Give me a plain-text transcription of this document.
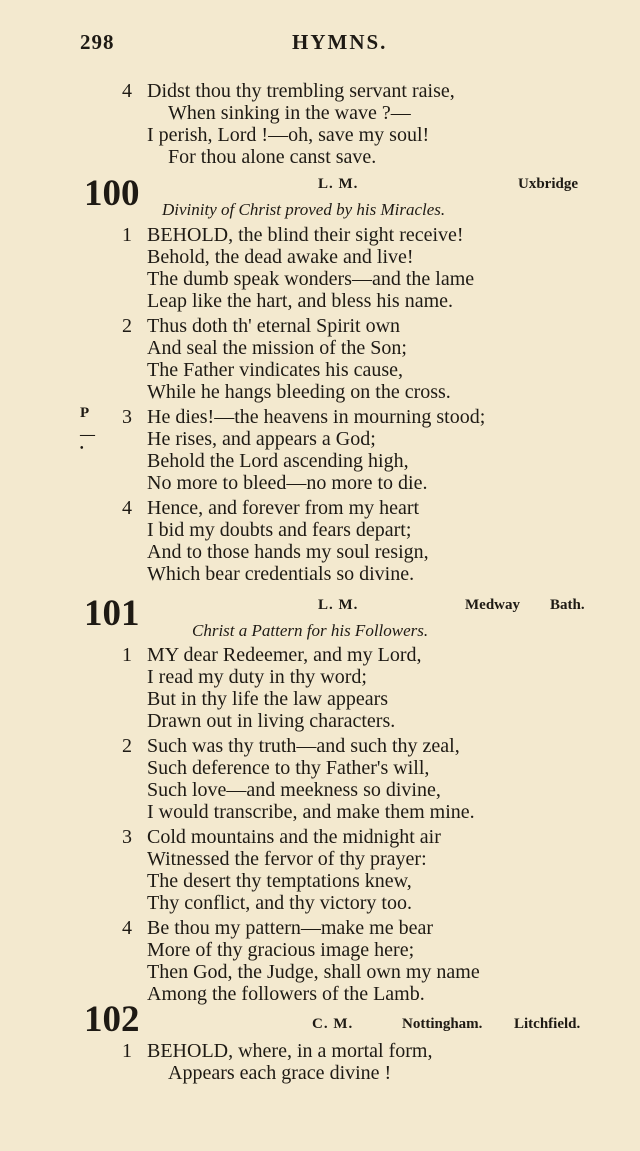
298	HYMNS.
4 Didst thou thy trembling servant raise,
When sinking in the wave ?—
I perish, Lord !—oh, save my soul!
For thou alone canst save.
100	L. M.	Uxbridge
Divinity of Christ proved by his Miracles.
1 BEHOLD, the blind their sight receive!
Behold, the dead awake and live!
The dumb speak wonders—and the lame
Leap like the hart, and bless his name.
2 Thus doth th' eternal Spirit own
And seal the mission of the Son;
The Father vindicates his cause,
While he hangs bleeding on the cross.
P
—
•
3 He dies!—the heavens in mourning stood;
He rises, and appears a God;
Behold the Lord ascending high,
No more to bleed—no more to die.
4 Hence, and forever from my heart
I bid my doubts and fears depart;
And to those hands my soul resign,
Which bear credentials so divine.
101	L. M.	Medway Bath.
Christ a Pattern for his Followers.
1 MY dear Redeemer, and my Lord,
I read my duty in thy word;
But in thy life the law appears
Drawn out in living characters.
2 Such was thy truth—and such thy zeal,
Such deference to thy Father's will,
Such love—and meekness so divine,
I would transcribe, and make them mine.
3 Cold mountains and the midnight air
Witnessed the fervor of thy prayer:
The desert thy temptations knew,
Thy conflict, and thy victory too.
4 Be thou my pattern—make me bear
More of thy gracious image here;
Then God, the Judge, shall own my name
Among the followers of the Lamb.
102	C. M.	Nottingham. Litchfield.
1 BEHOLD, where, in a mortal form,
Appears each grace divine !
